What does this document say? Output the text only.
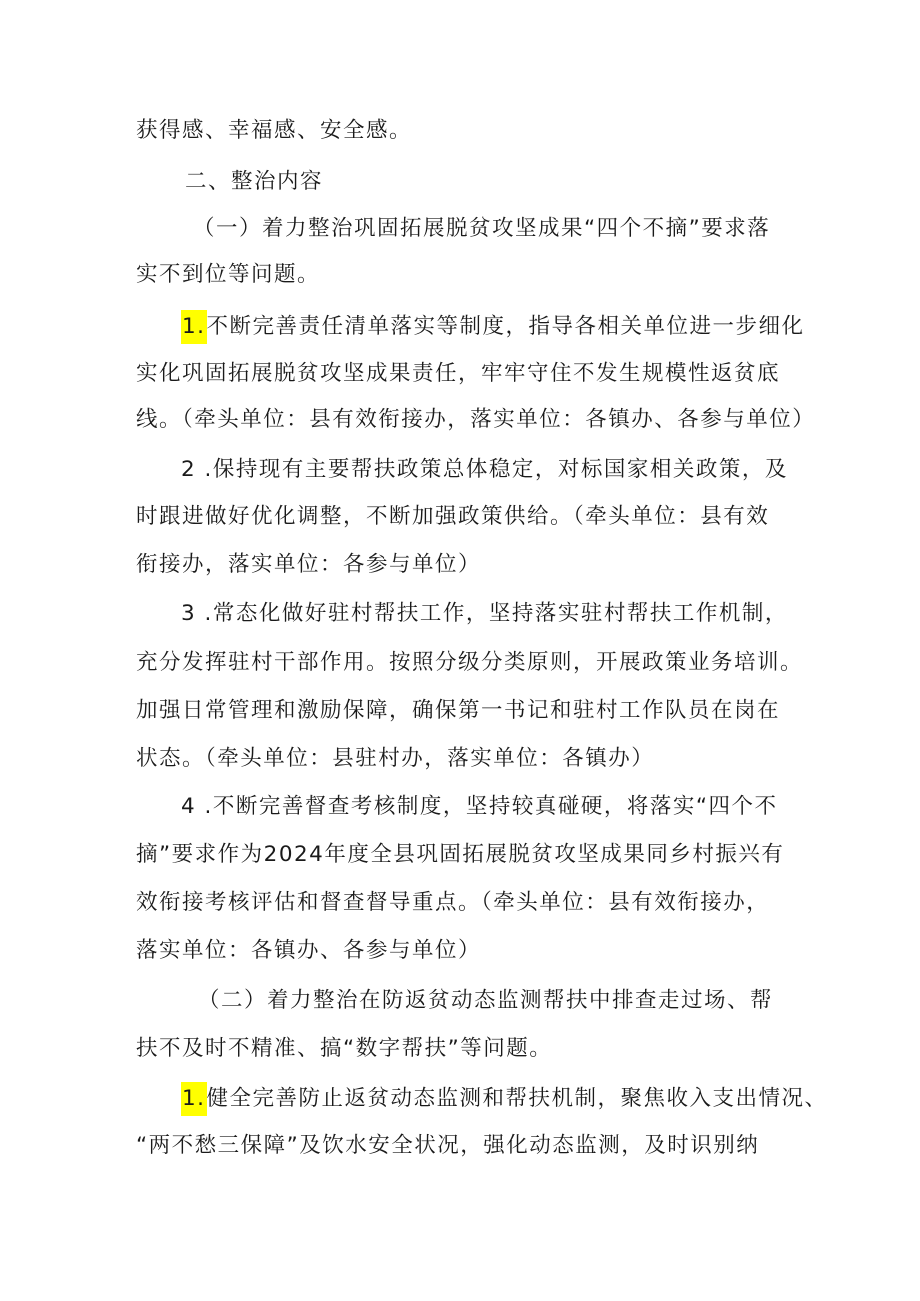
获得感、幸福感、安全感。
二、整治内容
（一）着力整治巩固拓展脱贫攻坚成果“四个不摘”要求落
实不到位等问题。
1.不断完善责任清单落实等制度，指导各相关单位进一步细化
实化巩固拓展脱贫攻坚成果责任，牢牢守住不发生规模性返贫底
线。（牵头单位：县有效衔接办，落实单位：各镇办、各参与单位）
2 .保持现有主要帮扶政策总体稳定，对标国家相关政策，及
时跟进做好优化调整，不断加强政策供给。（牵头单位：县有效
衔接办，落实单位：各参与单位）
3 .常态化做好驻村帮扶工作，坚持落实驻村帮扶工作机制，
充分发挥驻村干部作用。按照分级分类原则，开展政策业务培训。
加强日常管理和激励保障，确保第一书记和驻村工作队员在岗在
状态。（牵头单位：县驻村办，落实单位：各镇办）
4 .不断完善督查考核制度，坚持较真碰硬，将落实“四个不
摘”要求作为2024年度全县巩固拓展脱贫攻坚成果同乡村振兴有
效衔接考核评估和督查督导重点。（牵头单位：县有效衔接办，
落实单位：各镇办、各参与单位）
（二）着力整治在防返贫动态监测帮扶中排查走过场、帮
扶不及时不精准、搞“数字帮扶”等问题。
1.健全完善防止返贫动态监测和帮扶机制，聚焦收入支出情况、
“两不愁三保障”及饮水安全状况，强化动态监测，及时识别纳
